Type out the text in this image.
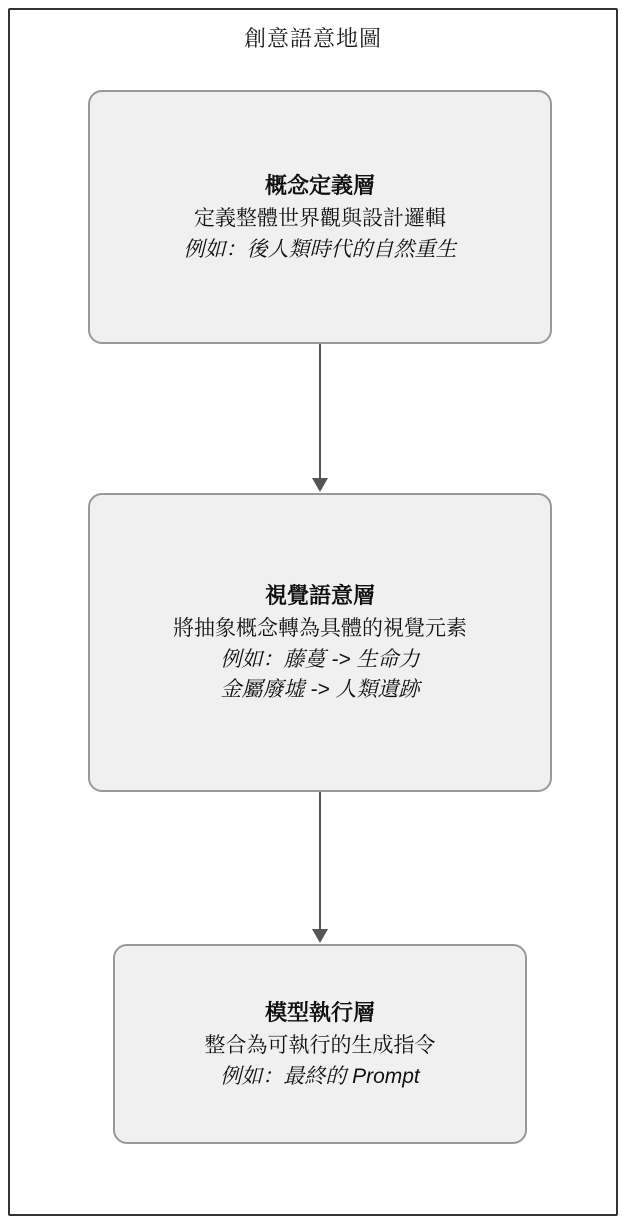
創意語意地圖
概念定義層
定義整體世界觀與設計邏輯
例如：後人類時代的自然重生
視覺語意層
將抽象概念轉為具體的視覺元素
例如：藤蔓 -> 生命力
金屬廢墟 -> 人類遺跡
模型執行層
整合為可執行的生成指令
例如：最終的 Prompt
